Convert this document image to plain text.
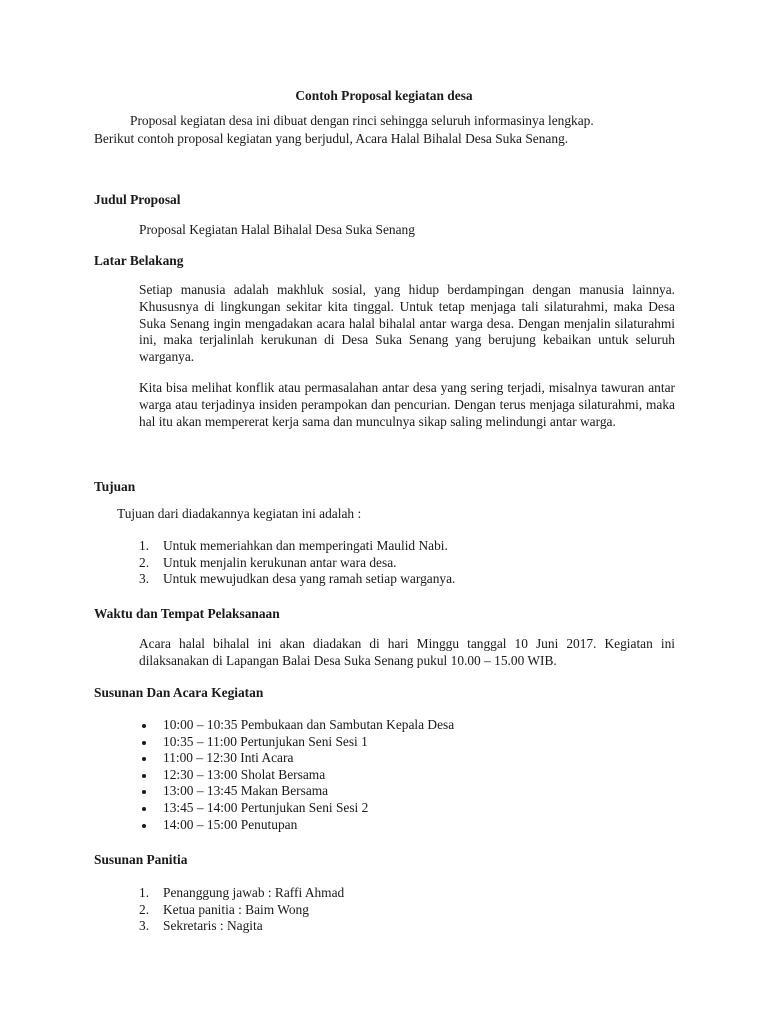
Contoh Proposal kegiatan desa
Proposal kegiatan desa ini dibuat dengan rinci sehingga seluruh informasinya lengkap.
Berikut contoh proposal kegiatan yang berjudul, Acara Halal Bihalal Desa Suka Senang.
Judul Proposal
Proposal Kegiatan Halal Bihalal Desa Suka Senang
Latar Belakang
Setiap manusia adalah makhluk sosial, yang hidup berdampingan dengan manusia lainnya. Khususnya di lingkungan sekitar kita tinggal. Untuk tetap menjaga tali silaturahmi, maka Desa Suka Senang ingin mengadakan acara halal bihalal antar warga desa. Dengan menjalin silaturahmi ini, maka terjalinlah kerukunan di Desa Suka Senang yang berujung kebaikan untuk seluruh warganya.
Kita bisa melihat konflik atau permasalahan antar desa yang sering terjadi, misalnya tawuran antar warga atau terjadinya insiden perampokan dan pencurian. Dengan terus menjaga silaturahmi, maka hal itu akan mempererat kerja sama dan munculnya sikap saling melindungi antar warga.
Tujuan
Tujuan dari diadakannya kegiatan ini adalah :
1. Untuk memeriahkan dan memperingati Maulid Nabi.
2. Untuk menjalin kerukunan antar wara desa.
3. Untuk mewujudkan desa yang ramah setiap warganya.
Waktu dan Tempat Pelaksanaan
Acara halal bihalal ini akan diadakan di hari Minggu tanggal 10 Juni 2017. Kegiatan ini dilaksanakan di Lapangan Balai Desa Suka Senang pukul 10.00 – 15.00 WIB.
Susunan Dan Acara Kegiatan
10:00 – 10:35 Pembukaan dan Sambutan Kepala Desa
10:35 – 11:00 Pertunjukan Seni Sesi 1
11:00 – 12:30 Inti Acara
12:30 – 13:00 Sholat Bersama
13:00 – 13:45 Makan Bersama
13:45 – 14:00 Pertunjukan Seni Sesi 2
14:00 – 15:00 Penutupan
Susunan Panitia
1. Penanggung jawab : Raffi Ahmad
2. Ketua panitia : Baim Wong
3. Sekretaris : Nagita
